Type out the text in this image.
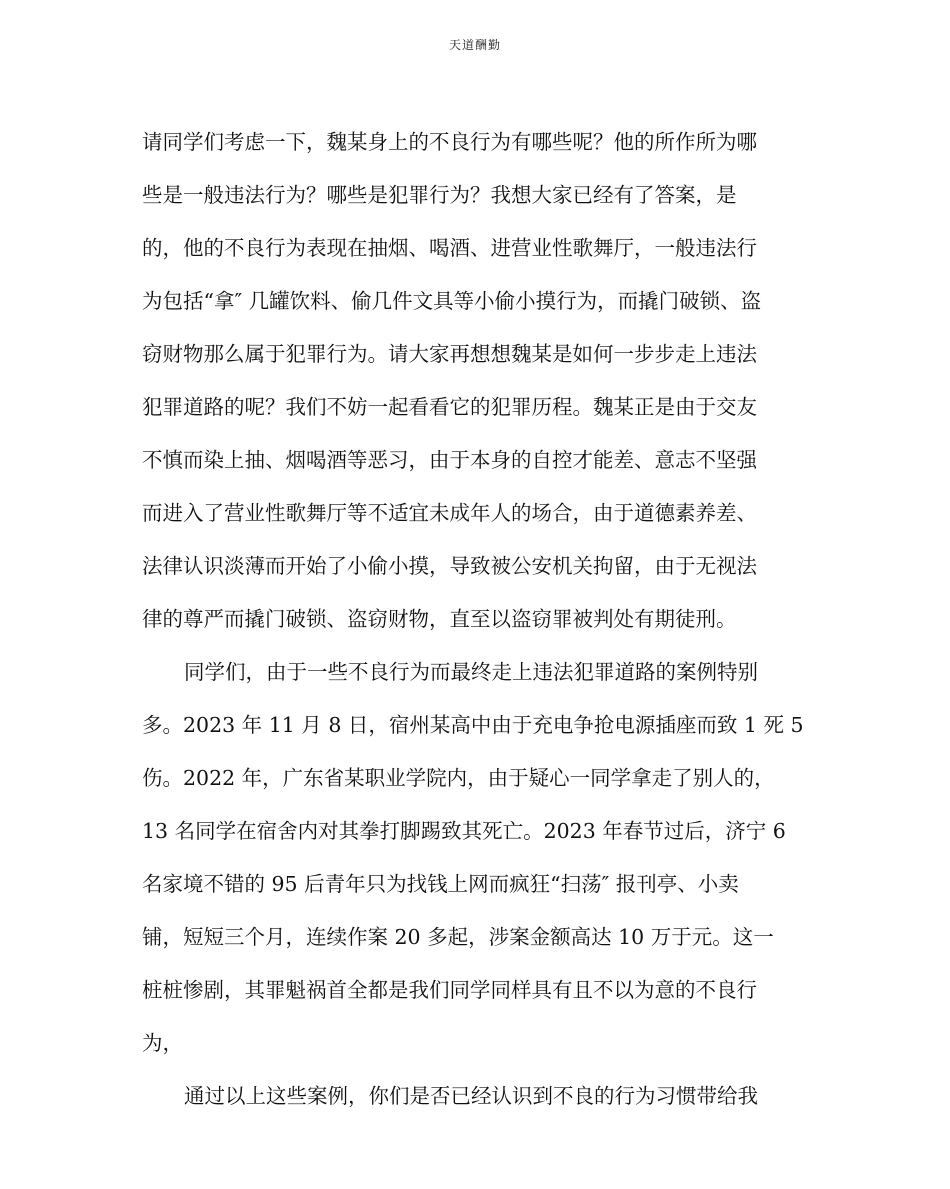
天道酬勤
请同学们考虑一下，魏某身上的不良行为有哪些呢？他的所作所为哪
些是一般违法行为？哪些是犯罪行为？我想大家已经有了答案，是
的，他的不良行为表现在抽烟、喝酒、进营业性歌舞厅，一般违法行
为包括“拿″ 几罐饮料、偷几件文具等小偷小摸行为，而撬门破锁、盗
窃财物那么属于犯罪行为。请大家再想想魏某是如何一步步走上违法
犯罪道路的呢？我们不妨一起看看它的犯罪历程。魏某正是由于交友
不慎而染上抽、烟喝酒等恶习，由于本身的自控才能差、意志不坚强
而进入了营业性歌舞厅等不适宜未成年人的场合，由于道德素养差、
法律认识淡薄而开始了小偷小摸，导致被公安机关拘留，由于无视法
律的尊严而撬门破锁、盗窃财物，直至以盗窃罪被判处有期徒刑。
同学们，由于一些不良行为而最终走上违法犯罪道路的案例特别
多。2023 年 11 月 8 日，宿州某高中由于充电争抢电源插座而致 1 死 5
伤。2022 年，广东省某职业学院内，由于疑心一同学拿走了别人的，
13 名同学在宿舍内对其拳打脚踢致其死亡。2023 年春节过后，济宁 6
名家境不错的 95 后青年只为找钱上网而疯狂“扫荡″ 报刊亭、小卖
铺，短短三个月，连续作案 20 多起，涉案金额高达 10 万于元。这一
桩桩惨剧，其罪魁祸首全都是我们同学同样具有且不以为意的不良行
为，
通过以上这些案例，你们是否已经认识到不良的行为习惯带给我
